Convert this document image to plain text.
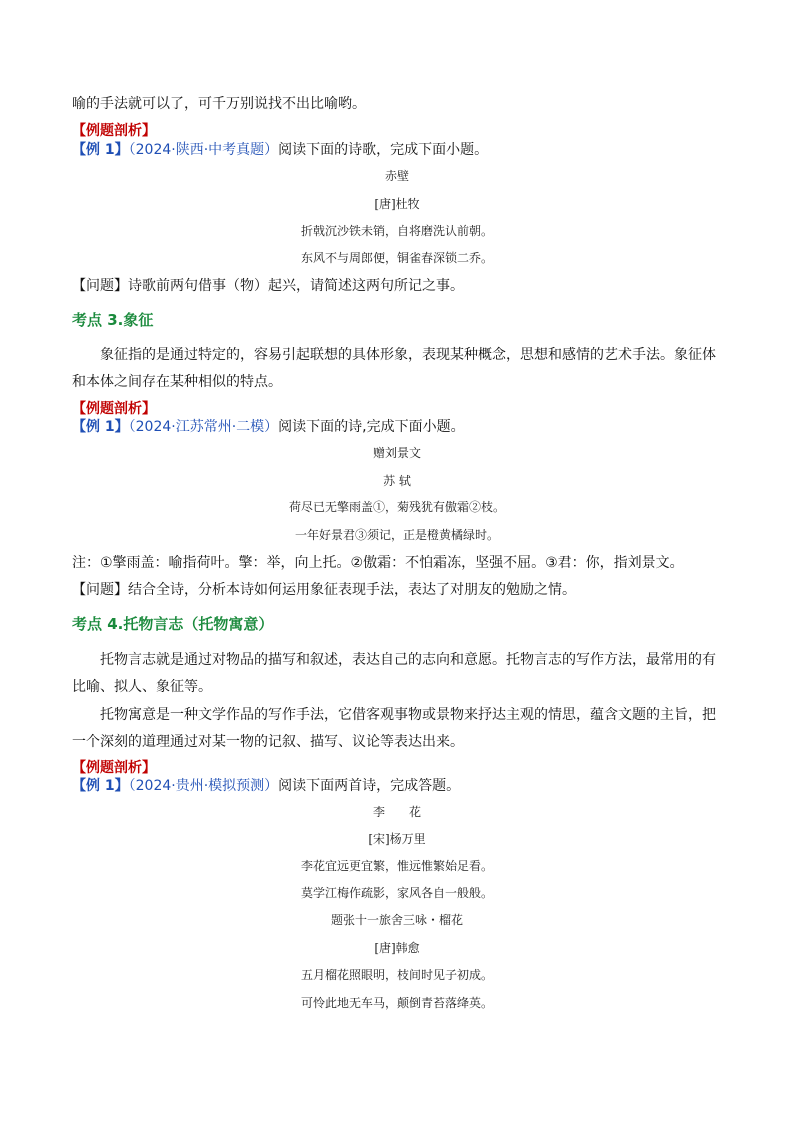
喻的手法就可以了，可千万别说找不出比喻哟。
【例题剖析】
【例 1】（2024·陕西·中考真题）阅读下面的诗歌，完成下面小题。
赤壁
[唐]杜牧
折戟沉沙铁未销，自将磨洗认前朝。
东风不与周郎便，铜雀春深锁二乔。
【问题】诗歌前两句借事（物）起兴，请简述这两句所记之事。
考点 3.象征
象征指的是通过特定的，容易引起联想的具体形象，表现某种概念，思想和感情的艺术手法。象征体和本体之间存在某种相似的特点。
【例题剖析】
【例 1】（2024·江苏常州·二模）阅读下面的诗,完成下面小题。
赠刘景文
苏 轼
荷尽已无擎雨盖①，菊残犹有傲霜②枝。
一年好景君③须记，正是橙黄橘绿时。
注：①擎雨盖：喻指荷叶。擎：举，向上托。②傲霜：不怕霜冻，坚强不屈。③君：你，指刘景文。
【问题】结合全诗，分析本诗如何运用象征表现手法，表达了对朋友的勉励之情。
考点 4.托物言志（托物寓意）
托物言志就是通过对物品的描写和叙述，表达自己的志向和意愿。托物言志的写作方法，最常用的有比喻、拟人、象征等。
托物寓意是一种文学作品的写作手法，它借客观事物或景物来抒达主观的情思，蕴含文题的主旨，把一个深刻的道理通过对某一物的记叙、描写、议论等表达出来。
【例题剖析】
【例 1】（2024·贵州·模拟预测）阅读下面两首诗，完成答题。
李　　花
[宋]杨万里
李花宜远更宜繁，惟远惟繁始足看。
莫学江梅作疏影，家风各自一般般。
题张十一旅舍三咏・榴花
[唐]韩愈
五月榴花照眼明，枝间时见子初成。
可怜此地无车马，颠倒青苔落绛英。
